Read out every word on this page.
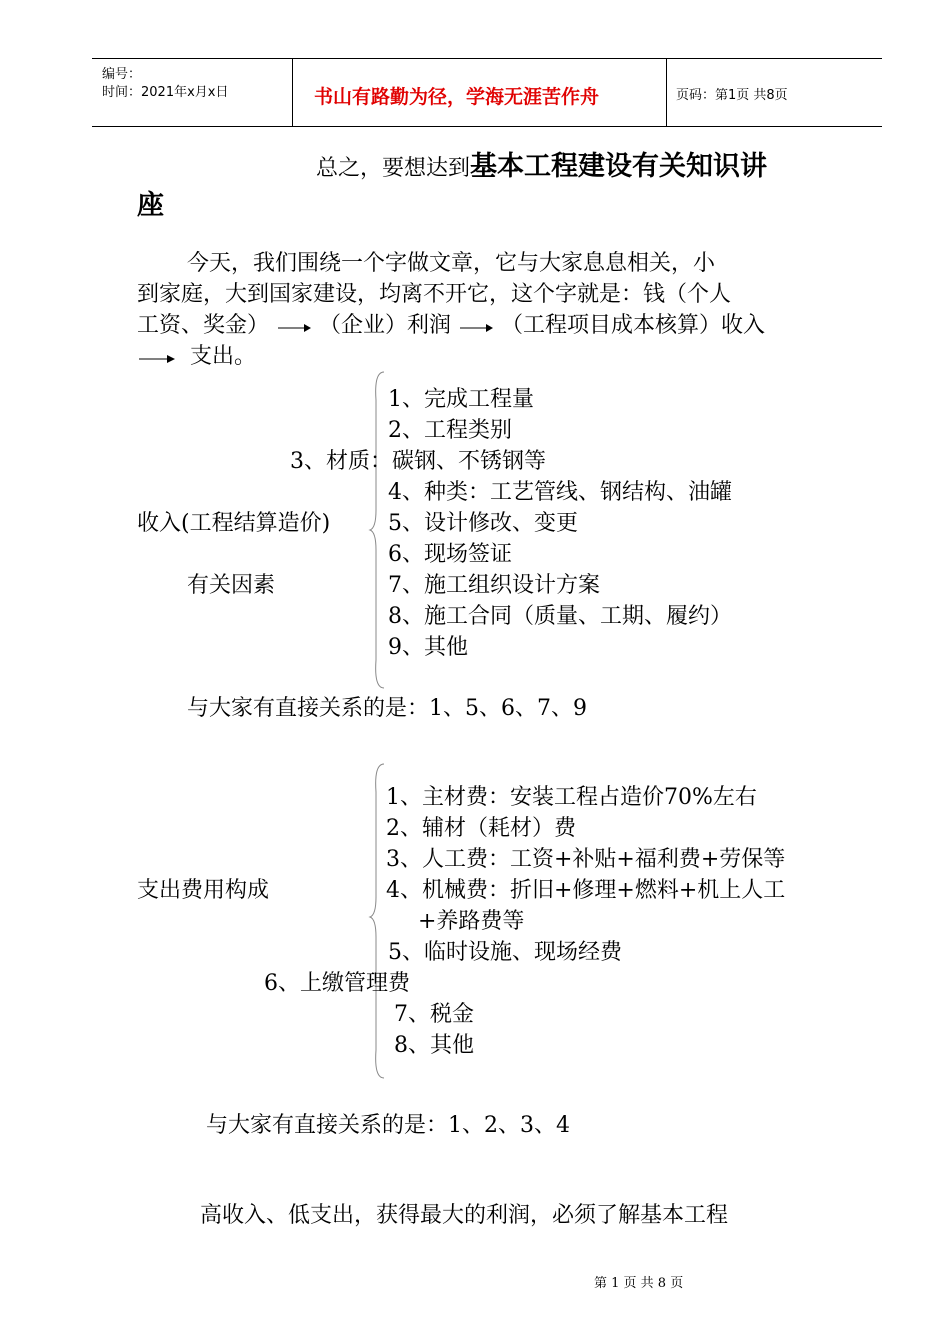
编号：
时间：2021年x月x日	书山有路勤为径，学海无涯苦作舟	页码：第1页 共8页
总之，要想达到基本工程建设有关知识讲
座
今天，我们围绕一个字做文章，它与大家息息相关，小
到家庭，大到国家建设，均离不开它，这个字就是：钱（个人
工资、奖金） （企业）利润 （工程项目成本核算）收入
支出。
收入(工程结算造价)
有关因素
1、完成工程量
2、工程类别
3、材质：碳钢、不锈钢等
4、种类：工艺管线、钢结构、油罐
5、设计修改、变更
6、现场签证
7、施工组织设计方案
8、施工合同（质量、工期、履约）
9、其他
与大家有直接关系的是：1、5、6、7、9
支出费用构成
1、主材费：安装工程占造价70%左右
2、辅材（耗材）费
3、人工费：工资+补贴+福利费+劳保等
4、机械费：折旧+修理+燃料+机上人工
+养路费等
5、临时设施、现场经费
6、上缴管理费
7、税金
8、其他
与大家有直接关系的是：1、2、3、4
高收入、低支出，获得最大的利润，必须了解基本工程
第 1 页 共 8 页
